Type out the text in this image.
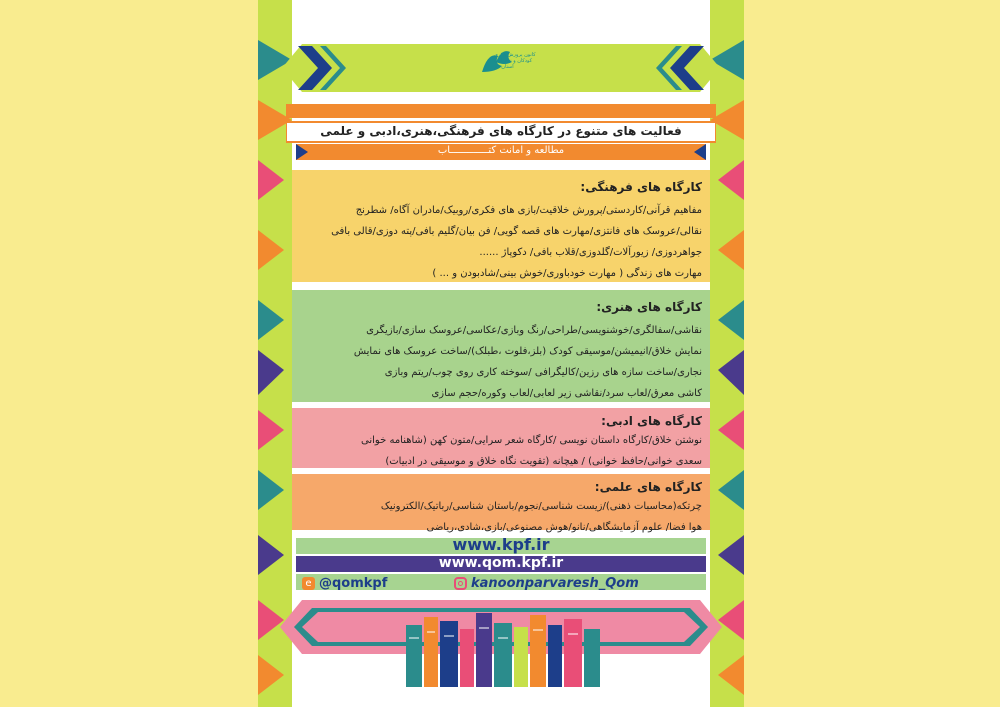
کانون پرورش فکری
کودکان و نوجوانان
استان قم
فعالیت های متنوع در کارگاه های فرهنگی،هنری،ادبی و علمی
مطالعه و امانت کتـــــــــــــاب
کارگاه های فرهنگی:
مفاهیم قرآنی/کاردستی/پرورش خلاقیت/بازی های فکری/روبیک/مادران آگاه/ شطرنج
نقالی/عروسک های فانتزی/مهارت های قصه گویی/ فن بیان/گلیم بافی/پته دوزی/قالی بافی
جواهردوزی/ زیورآلات/گلدوزی/قلاب بافی/ دکوپاژ ......
مهارت های زندگی ( مهارت خودباوری/خوش بینی/شادبودن و ... )
کارگاه های هنری:
نقاشی/سفالگری/خوشنویسی/طراحی/رنگ وبازی/عکاسی/عروسک سازی/بازیگری
نمایش خلاق/انیمیشن/موسیقی کودک (بلز،فلوت ،طبلک)/ساخت عروسک های نمایش
نجاری/ساخت سازه های رزین/کالیگرافی /سوخته کاری روی چوب/ریتم وبازی
کاشی معرق/لعاب سرد/نقاشی زیر لعابی/لعاب وکوره/حجم سازی
کارگاه های ادبی:
نوشتن خلاق/کارگاه داستان نویسی /کارگاه شعر سرایی/متون کهن (شاهنامه خوانی
سعدی خوانی/حافظ خوانی) / هیچانه (تقویت نگاه خلاق و موسیقی در ادبیات)
کارگاه های علمی:
چرتکه(محاسبات ذهنی)/زیست شناسی/نجوم/باستان شناسی/رباتیک/الکترونیک
هوا فضا/ علوم آزمایشگاهی/نانو/هوش مصنوعی/بازی،شادی،ریاضی
www.kpf.ir
www.qom.kpf.ir
e @qomkpf	kanoonparvaresh_Qom
